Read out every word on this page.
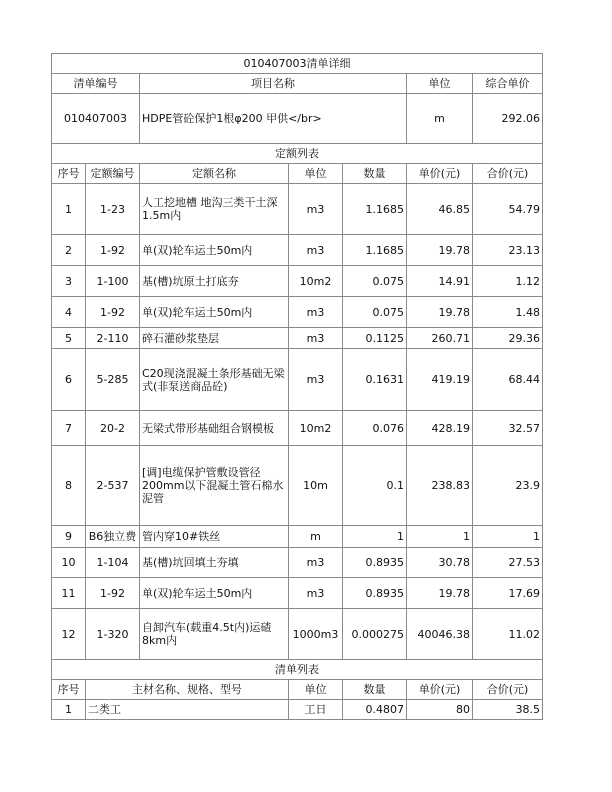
010407003清单详细						
清单编号		项目名称			单位	综合单价
010407003		HDPE管砼保护1根φ200 甲供</br>			m	292.06
定额列表						
序号	定额编号	定额名称	单位	数量	单价(元)	合价(元)
1	1-23	人工挖地槽 地沟三类干土深1.5m内	m3	1.1685	46.85	54.79
2	1-92	单(双)轮车运土50m内	m3	1.1685	19.78	23.13
3	1-100	基(槽)坑原土打底夯	10m2	0.075	14.91	1.12
4	1-92	单(双)轮车运土50m内	m3	0.075	19.78	1.48
5	2-110	碎石灌砂浆垫层	m3	0.1125	260.71	29.36
6	5-285	C20现浇混凝土条形基础无梁式(非泵送商品砼)	m3	0.1631	419.19	68.44
7	20-2	无梁式带形基础组合钢模板	10m2	0.076	428.19	32.57
8	2-537	[调]电缆保护管敷设管径200mm以下混凝土管石棉水泥管	10m	0.1	238.83	23.9
9	B6独立费	管内穿10#铁丝	m	1	1	1
10	1-104	基(槽)坑回填土夯填	m3	0.8935	30.78	27.53
11	1-92	单(双)轮车运土50m内	m3	0.8935	19.78	17.69
12	1-320	自卸汽车(载重4.5t内)运碴8km内	1000m3	0.000275	40046.38	11.02
清单列表						
序号	主材名称、规格、型号		单位	数量	单价(元)	合价(元)
1	二类工		工日	0.4807	80	38.5
